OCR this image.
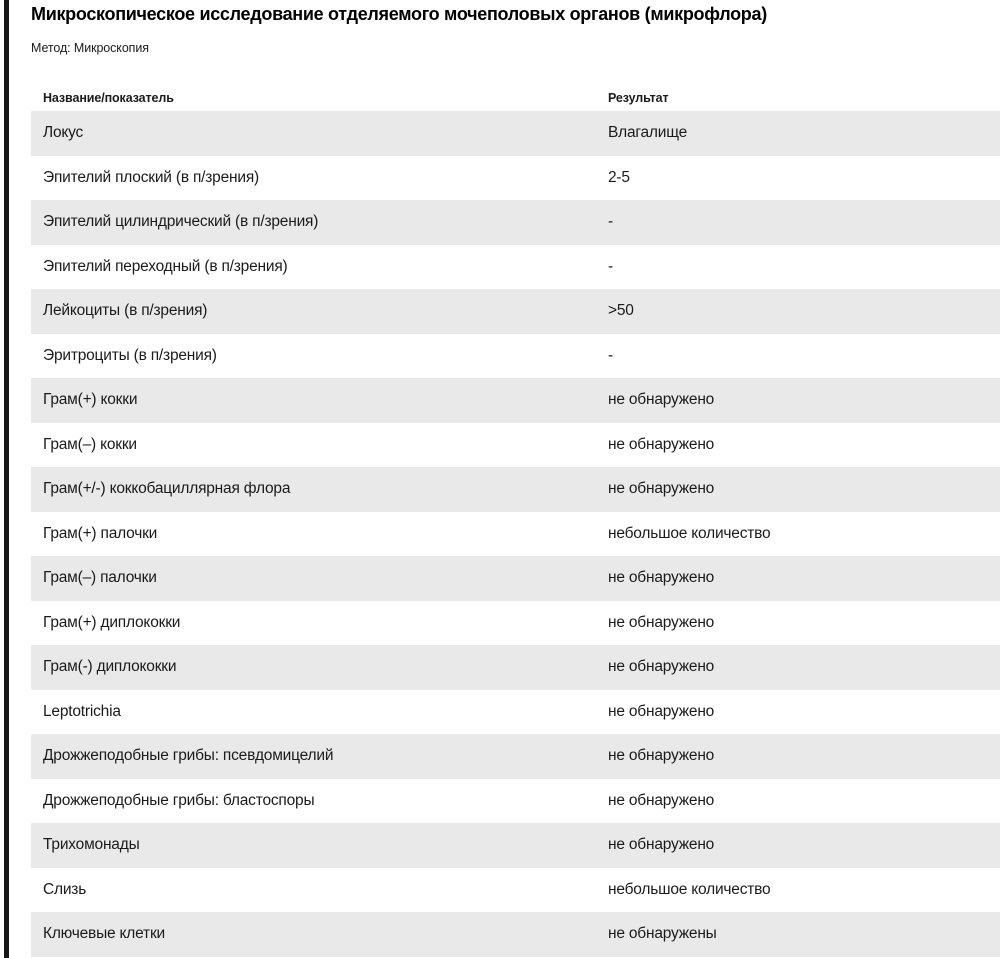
Микроскопическое исследование отделяемого мочеполовых органов (микрофлора)
Метод: Микроскопия
Название/показатель	Результат
Локус	Влагалище
Эпителий плоский (в п/зрения)	2-5
Эпителий цилиндрический (в п/зрения)	-
Эпителий переходный (в п/зрения)	-
Лейкоциты (в п/зрения)	>50
Эритроциты (в п/зрения)	-
Грам(+) кокки	не обнаружено
Грам(–) кокки	не обнаружено
Грам(+/-) коккобациллярная флора	не обнаружено
Грам(+) палочки	небольшое количество
Грам(–) палочки	не обнаружено
Грам(+) диплококки	не обнаружено
Грам(-) диплококки	не обнаружено
Leptotrichia	не обнаружено
Дрожжеподобные грибы: псевдомицелий	не обнаружено
Дрожжеподобные грибы: бластоспоры	не обнаружено
Трихомонады	не обнаружено
Слизь	небольшое количество
Ключевые клетки	не обнаружены
